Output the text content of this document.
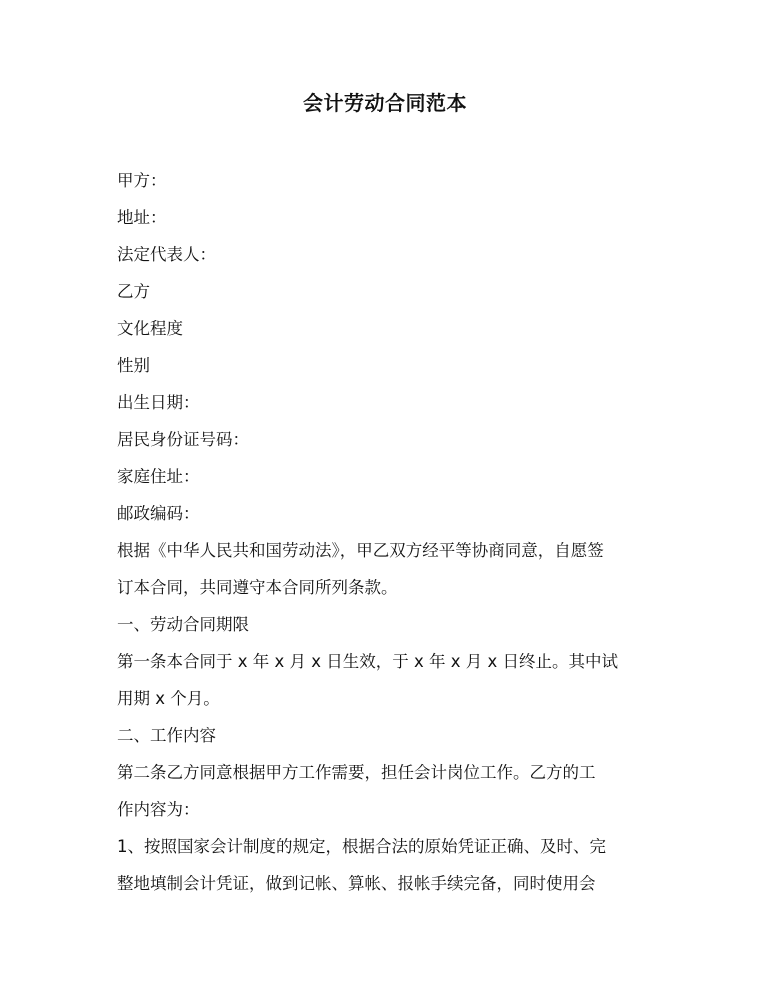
会计劳动合同范本
甲方：
地址：
法定代表人：
乙方
文化程度
性别
出生日期：
居民身份证号码：
家庭住址：
邮政编码：
根据《中华人民共和国劳动法》，甲乙双方经平等协商同意，自愿签
订本合同，共同遵守本合同所列条款。
一、劳动合同期限
第一条本合同于 x 年 x 月 x 日生效，于 x 年 x 月 x 日终止。其中试
用期 x 个月。
二、工作内容
第二条乙方同意根据甲方工作需要，担任会计岗位工作。乙方的工
作内容为：
1、按照国家会计制度的规定，根据合法的原始凭证正确、及时、完
整地填制会计凭证，做到记帐、算帐、报帐手续完备，同时使用会
